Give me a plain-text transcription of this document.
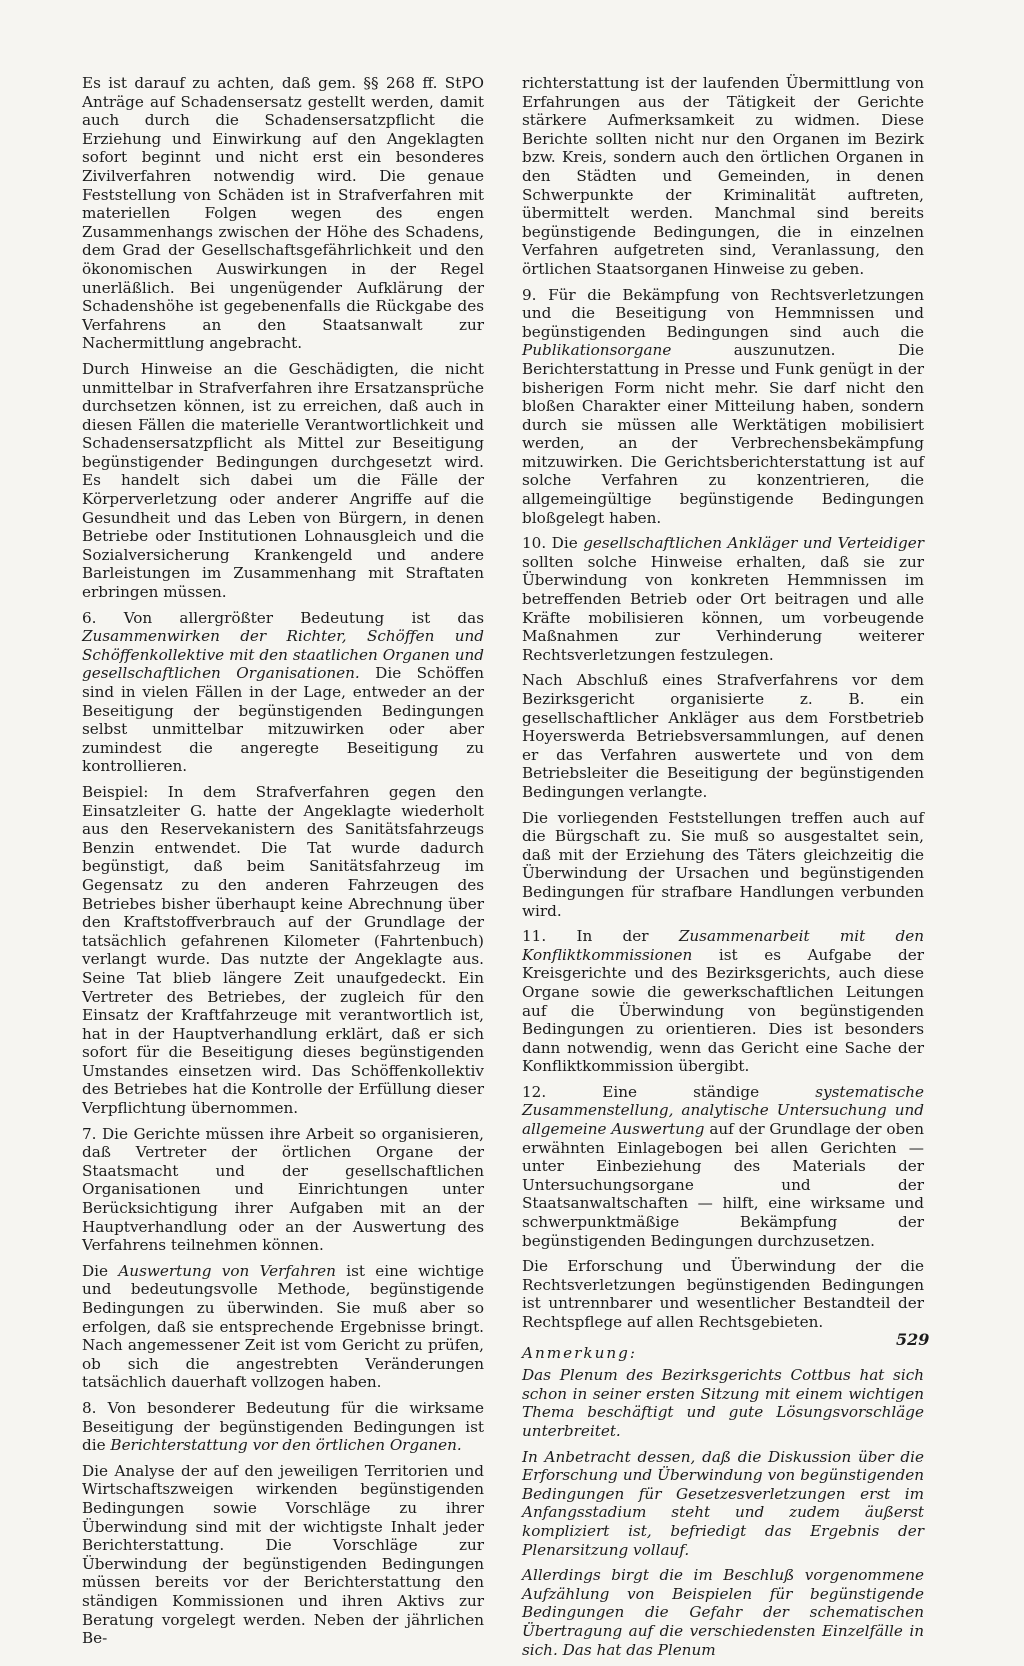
Es ist darauf zu achten, daß gem. §§ 268 ff. StPO Anträge auf Schadensersatz gestellt werden, damit auch durch die Schadensersatzpflicht die Erziehung und Einwirkung auf den Angeklagten sofort beginnt und nicht erst ein besonderes Zivilverfahren notwendig wird. Die genaue Feststellung von Schäden ist in Strafverfahren mit materiellen Folgen wegen des engen Zusammenhangs zwischen der Höhe des Schadens, dem Grad der Gesellschaftsgefährlichkeit und den ökonomischen Auswirkungen in der Regel unerläßlich. Bei ungenügender Aufklärung der Schadenshöhe ist gegebenenfalls die Rückgabe des Verfahrens an den Staatsanwalt zur Nachermittlung angebracht.

Durch Hinweise an die Geschädigten, die nicht unmittelbar in Strafverfahren ihre Ersatzansprüche durchsetzen können, ist zu erreichen, daß auch in diesen Fällen die materielle Verantwortlichkeit und Schadensersatzpflicht als Mittel zur Beseitigung begünstigender Bedingungen durchgesetzt wird. Es handelt sich dabei um die Fälle der Körperverletzung oder anderer Angriffe auf die Gesundheit und das Leben von Bürgern, in denen Betriebe oder Institutionen Lohnausgleich und die Sozialversicherung Krankengeld und andere Barleistungen im Zusammenhang mit Straftaten erbringen müssen.

6. Von allergrößter Bedeutung ist das Zusammenwirken der Richter, Schöffen und Schöffenkollektive mit den staatlichen Organen und gesellschaftlichen Organisationen. Die Schöffen sind in vielen Fällen in der Lage, entweder an der Beseitigung der begünstigenden Bedingungen selbst unmittelbar mitzuwirken oder aber zumindest die angeregte Beseitigung zu kontrollieren.

Beispiel: In dem Strafverfahren gegen den Einsatzleiter G. hatte der Angeklagte wiederholt aus den Reservekanistern des Sanitätsfahrzeugs Benzin entwendet. Die Tat wurde dadurch begünstigt, daß beim Sanitätsfahrzeug im Gegensatz zu den anderen Fahrzeugen des Betriebes bisher überhaupt keine Abrechnung über den Kraftstoffverbrauch auf der Grundlage der tatsächlich gefahrenen Kilometer (Fahrtenbuch) verlangt wurde. Das nutzte der Angeklagte aus. Seine Tat blieb längere Zeit unaufgedeckt. Ein Vertreter des Betriebes, der zugleich für den Einsatz der Kraftfahrzeuge mit verantwortlich ist, hat in der Hauptverhandlung erklärt, daß er sich sofort für die Beseitigung dieses begünstigenden Umstandes einsetzen wird. Das Schöffenkollektiv des Betriebes hat die Kontrolle der Erfüllung dieser Verpflichtung übernommen.

7. Die Gerichte müssen ihre Arbeit so organisieren, daß Vertreter der örtlichen Organe der Staatsmacht und der gesellschaftlichen Organisationen und Einrichtungen unter Berücksichtigung ihrer Aufgaben mit an der Hauptverhandlung oder an der Auswertung des Verfahrens teilnehmen können.

Die Auswertung von Verfahren ist eine wichtige und bedeutungsvolle Methode, begünstigende Bedingungen zu überwinden. Sie muß aber so erfolgen, daß sie entsprechende Ergebnisse bringt. Nach angemessener Zeit ist vom Gericht zu prüfen, ob sich die angestrebten Veränderungen tatsächlich dauerhaft vollzogen haben.

8. Von besonderer Bedeutung für die wirksame Beseitigung der begünstigenden Bedingungen ist die Berichterstattung vor den örtlichen Organen.

Die Analyse der auf den jeweiligen Territorien und Wirtschaftszweigen wirkenden begünstigenden Bedingungen sowie Vorschläge zu ihrer Überwindung sind mit der wichtigste Inhalt jeder Berichterstattung. Die Vorschläge zur Überwindung der begünstigenden Bedingungen müssen bereits vor der Berichterstattung den ständigen Kommissionen und ihren Aktivs zur Beratung vorgelegt werden. Neben der jährlichen Be-

richterstattung ist der laufenden Übermittlung von Erfahrungen aus der Tätigkeit der Gerichte stärkere Aufmerksamkeit zu widmen. Diese Berichte sollten nicht nur den Organen im Bezirk bzw. Kreis, sondern auch den örtlichen Organen in den Städten und Gemeinden, in denen Schwerpunkte der Kriminalität auftreten, übermittelt werden. Manchmal sind bereits begünstigende Bedingungen, die in einzelnen Verfahren aufgetreten sind, Veranlassung, den örtlichen Staatsorganen Hinweise zu geben.

9. Für die Bekämpfung von Rechtsverletzungen und die Beseitigung von Hemmnissen und begünstigenden Bedingungen sind auch die Publikationsorgane auszunutzen. Die Berichterstattung in Presse und Funk genügt in der bisherigen Form nicht mehr. Sie darf nicht den bloßen Charakter einer Mitteilung haben, sondern durch sie müssen alle Werktätigen mobilisiert werden, an der Verbrechensbekämpfung mitzuwirken. Die Gerichtsberichterstattung ist auf solche Verfahren zu konzentrieren, die allgemeingültige begünstigende Bedingungen bloßgelegt haben.

10. Die gesellschaftlichen Ankläger und Verteidiger sollten solche Hinweise erhalten, daß sie zur Überwindung von konkreten Hemmnissen im betreffenden Betrieb oder Ort beitragen und alle Kräfte mobilisieren können, um vorbeugende Maßnahmen zur Verhinderung weiterer Rechtsverletzungen festzulegen.

Nach Abschluß eines Strafverfahrens vor dem Bezirksgericht organisierte z. B. ein gesellschaftlicher Ankläger aus dem Forstbetrieb Hoyerswerda Betriebsversammlungen, auf denen er das Verfahren auswertete und von dem Betriebsleiter die Beseitigung der begünstigenden Bedingungen verlangte.

Die vorliegenden Feststellungen treffen auch auf die Bürgschaft zu. Sie muß so ausgestaltet sein, daß mit der Erziehung des Täters gleichzeitig die Überwindung der Ursachen und begünstigenden Bedingungen für strafbare Handlungen verbunden wird.

11. In der Zusammenarbeit mit den Konfliktkommissionen ist es Aufgabe der Kreisgerichte und des Bezirksgerichts, auch diese Organe sowie die gewerkschaftlichen Leitungen auf die Überwindung von begünstigenden Bedingungen zu orientieren. Dies ist besonders dann notwendig, wenn das Gericht eine Sache der Konfliktkommission übergibt.

12. Eine ständige systematische Zusammenstellung, analytische Untersuchung und allgemeine Auswertung auf der Grundlage der oben erwähnten Einlagebogen bei allen Gerichten — unter Einbeziehung des Materials der Untersuchungsorgane und der Staatsanwaltschaften — hilft, eine wirksame und schwerpunktmäßige Bekämpfung der begünstigenden Bedingungen durchzusetzen.

Die Erforschung und Überwindung der die Rechtsverletzungen begünstigenden Bedingungen ist untrennbarer und wesentlicher Bestandteil der Rechtspflege auf allen Rechtsgebieten.

Anmerkung:

Das Plenum des Bezirksgerichts Cottbus hat sich schon in seiner ersten Sitzung mit einem wichtigen Thema beschäftigt und gute Lösungsvorschläge unterbreitet.

In Anbetracht dessen, daß die Diskussion über die Erforschung und Überwindung von begünstigenden Bedingungen für Gesetzesverletzungen erst im Anfangsstadium steht und zudem äußerst kompliziert ist, befriedigt das Ergebnis der Plenarsitzung vollauf.

Allerdings birgt die im Beschluß vorgenommene Aufzählung von Beispielen für begünstigende Bedingungen die Gefahr der schematischen Übertragung auf die verschiedensten Einzelfälle in sich. Das hat das Plenum

529
